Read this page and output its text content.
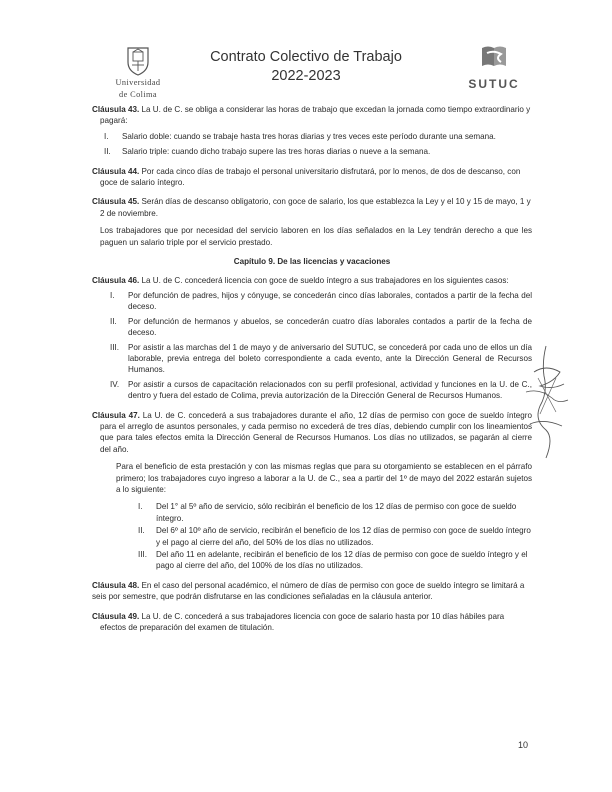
Universidad
de Colima
Contrato Colectivo de Trabajo
2022-2023	SUTUC

Cláusula 43. La U. de C. se obliga a considerar las horas de trabajo que excedan la jornada como tiempo extraordinario y pagará:

I.	Salario doble: cuando se trabaje hasta tres horas diarias y tres veces este período durante una semana.
II.	Salario triple: cuando dicho trabajo supere las tres horas diarias o nueve a la semana.

Cláusula 44. Por cada cinco días de trabajo el personal universitario disfrutará, por lo menos, de dos de descanso, con goce de salario íntegro.

Cláusula 45. Serán días de descanso obligatorio, con goce de salario, los que establezca la Ley y el 10 y 15 de mayo, 1 y 2 de noviembre.

Los trabajadores que por necesidad del servicio laboren en los días señalados en la Ley tendrán derecho a que les paguen un salario triple por el servicio prestado.

Capítulo 9. De las licencias y vacaciones

Cláusula 46. La U. de C. concederá licencia con goce de sueldo íntegro a sus trabajadores en los siguientes casos:

I.	Por defunción de padres, hijos y cónyuge, se concederán cinco días laborales, contados a partir de la fecha del deceso.
II.	Por defunción de hermanos y abuelos, se concederán cuatro días laborales contados a partir de la fecha de deceso.
III.	Por asistir a las marchas del 1 de mayo y de aniversario del SUTUC, se concederá por cada uno de ellos un día laborable, previa entrega del boleto correspondiente a cada evento, ante la Dirección General de Recursos Humanos.
IV.	Por asistir a cursos de capacitación relacionados con su perfil profesional, actividad y funciones en la U. de C., dentro y fuera del estado de Colima, previa autorización de la Dirección General de Recursos Humanos.

Cláusula 47. La U. de C. concederá a sus trabajadores durante el año, 12 días de permiso con goce de sueldo íntegro para el arreglo de asuntos personales, y cada permiso no excederá de tres días, debiendo cumplir con los lineamientos que para tales efectos emita la Dirección General de Recursos Humanos. Los días no utilizados, se pagarán al cierre del año.

Para el beneficio de esta prestación y con las mismas reglas que para su otorgamiento se establecen en el párrafo primero; los trabajadores cuyo ingreso a laborar a la U. de C., sea a partir del 1º de mayo del 2022 estarán sujetos a lo siguiente:

I.	Del 1° al 5º año de servicio, sólo recibirán el beneficio de los 12 días de permiso con goce de sueldo íntegro.
II.	Del 6º al 10º año de servicio, recibirán el beneficio de los 12 días de permiso con goce de sueldo íntegro y el pago al cierre del año, del 50% de los días no utilizados.
III.	Del año 11 en adelante, recibirán el beneficio de los 12 días de permiso con goce de sueldo íntegro y el pago al cierre del año, del 100% de los días no utilizados.

Cláusula 48. En el caso del personal académico, el número de días de permiso con goce de sueldo íntegro se limitará a seis por semestre, que podrán disfrutarse en las condiciones señaladas en la cláusula anterior.

Cláusula 49. La U. de C. concederá a sus trabajadores licencia con goce de salario hasta por 10 días hábiles para efectos de preparación del examen de titulación.

10
